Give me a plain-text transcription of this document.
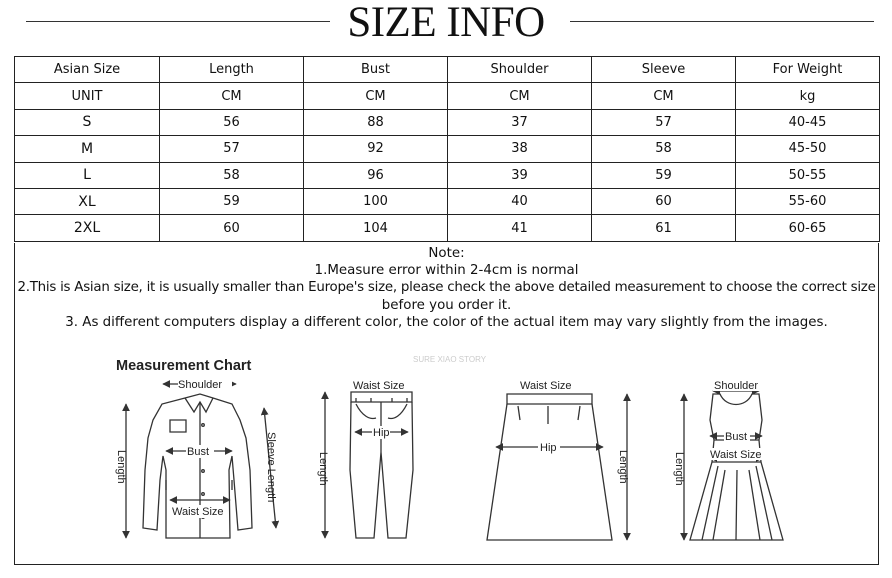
SIZE INFO
Asian Size	Length	Bust	Shoulder	Sleeve	For Weight
UNIT	CM	CM	CM	CM	kg
S	56	88	37	57	40-45
M	57	92	38	58	45-50
L	58	96	39	59	50-55
XL	59	100	40	60	55-60
2XL	60	104	41	61	60-65
Note:
1.Measure error within 2-4cm is normal
2.This is Asian size, it is usually smaller than Europe's size, please check the above detailed measurement to choose the correct size
before you order it.
3. As different computers display a different color, the color of the actual item may vary slightly from the images.
Measurement Chart	SURE XIAO STORY
Shoulder
Bust
Waist Size
Length	Sleeve Length
Waist Size
Hip
Length
Waist Size
Hip
Length
Shoulder
Bust
Waist Size
Length
